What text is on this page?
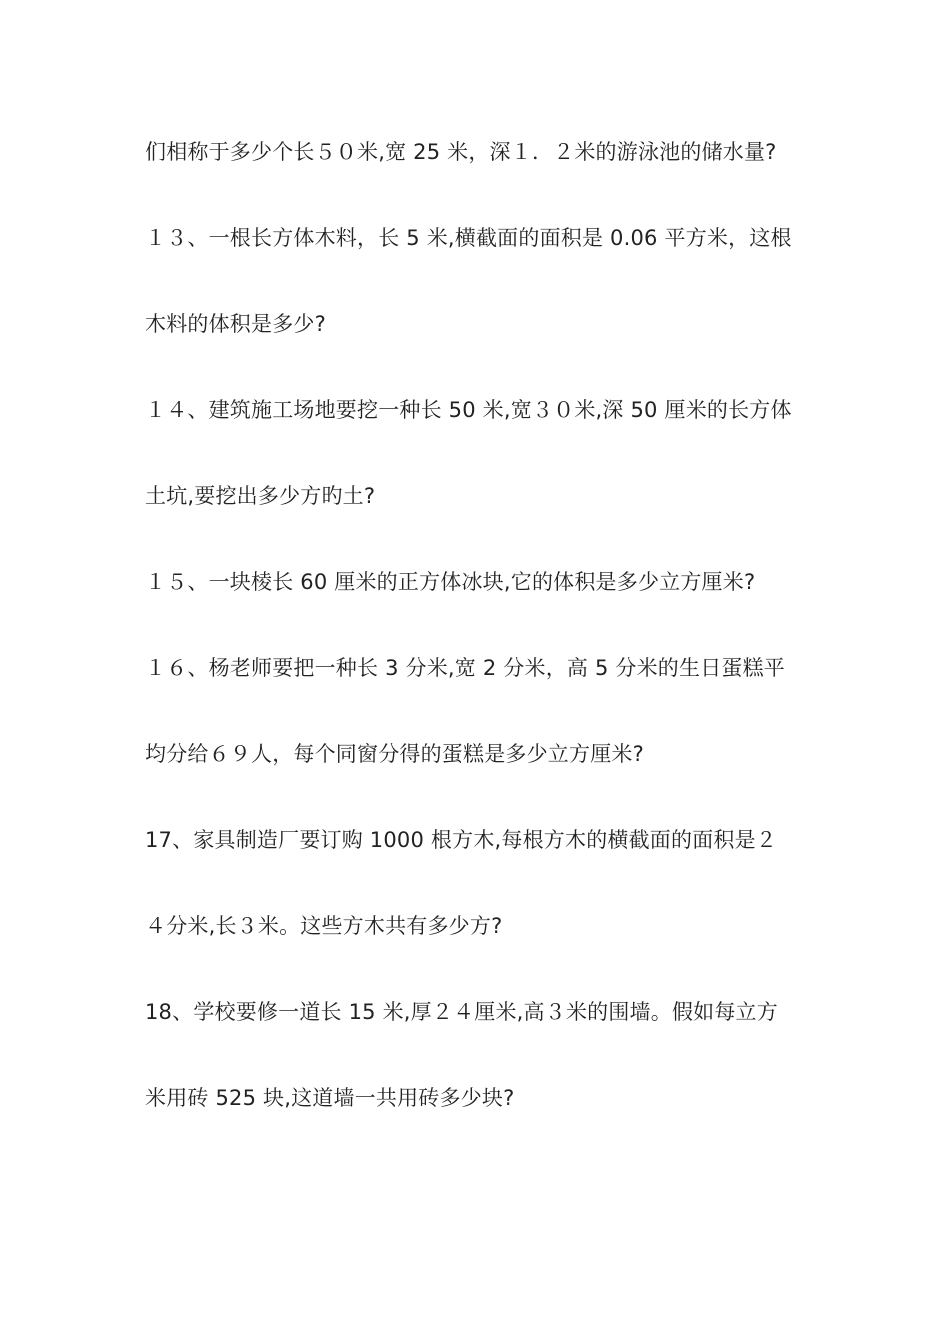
们相称于多少个长５０米,宽 25 米，深１．２米的游泳池的储水量?
１３、一根长方体木料，长 5 米,横截面的面积是 0.06 平方米，这根
木料的体积是多少?
１４、建筑施工场地要挖一种长 50 米,宽３０米,深 50 厘米的长方体
土坑,要挖出多少方旳土?
１５、一块棱长 60 厘米的正方体冰块,它的体积是多少立方厘米?
１６、杨老师要把一种长 3 分米,宽 2 分米，高 5 分米的生日蛋糕平
均分给６９人，每个同窗分得的蛋糕是多少立方厘米?
17、家具制造厂要订购 1000 根方木,每根方木的横截面的面积是２
４分米,长３米。这些方木共有多少方?
18、学校要修一道长 15 米,厚２４厘米,高３米的围墙。假如每立方
米用砖 525 块,这道墙一共用砖多少块?
